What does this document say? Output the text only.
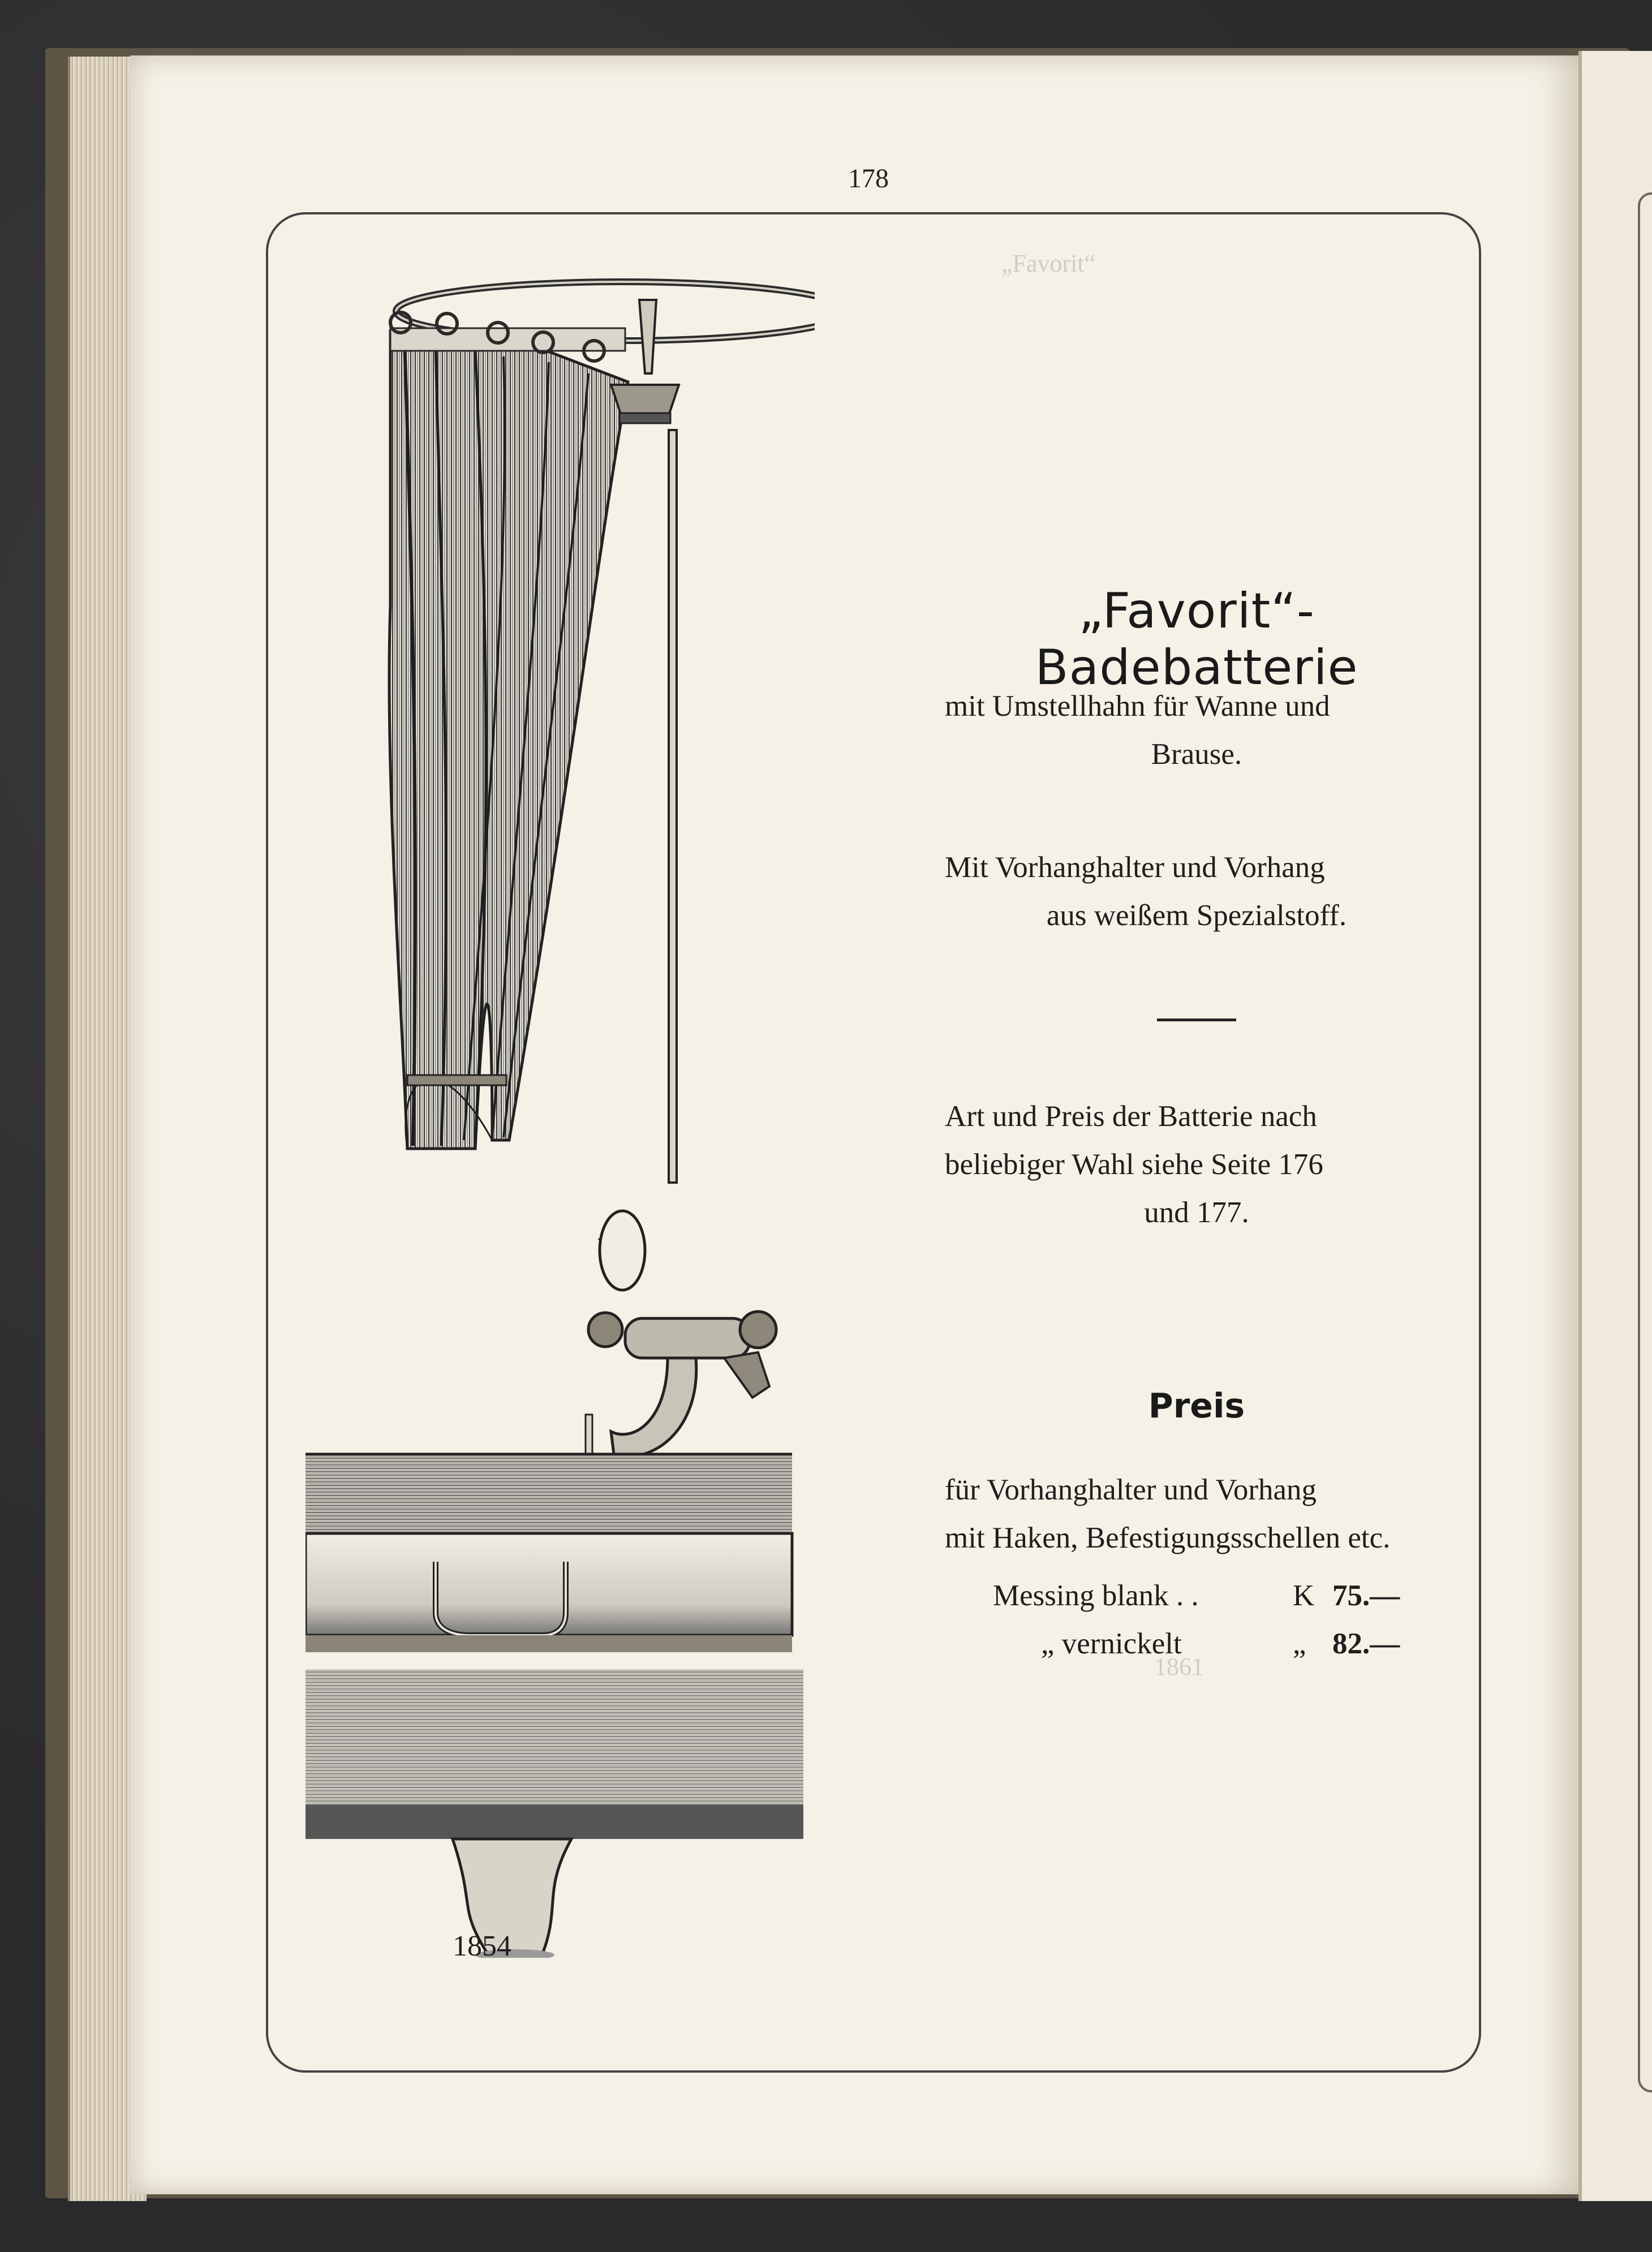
„Favorit“
1861
178
1854
„Favorit“-Badebatterie
mit Umstellhahn für Wanne und
Brause.
Mit Vorhanghalter und Vorhang
aus weißem Spezialstoff.
Art und Preis der Batterie nach
beliebiger Wahl siehe Seite 176
und 177.
Preis
für Vorhanghalter und Vorhang
mit Haken, Befestigungsschellen etc.
Messing blank . .	K 75.—
„ vernickelt	„ 82.—
